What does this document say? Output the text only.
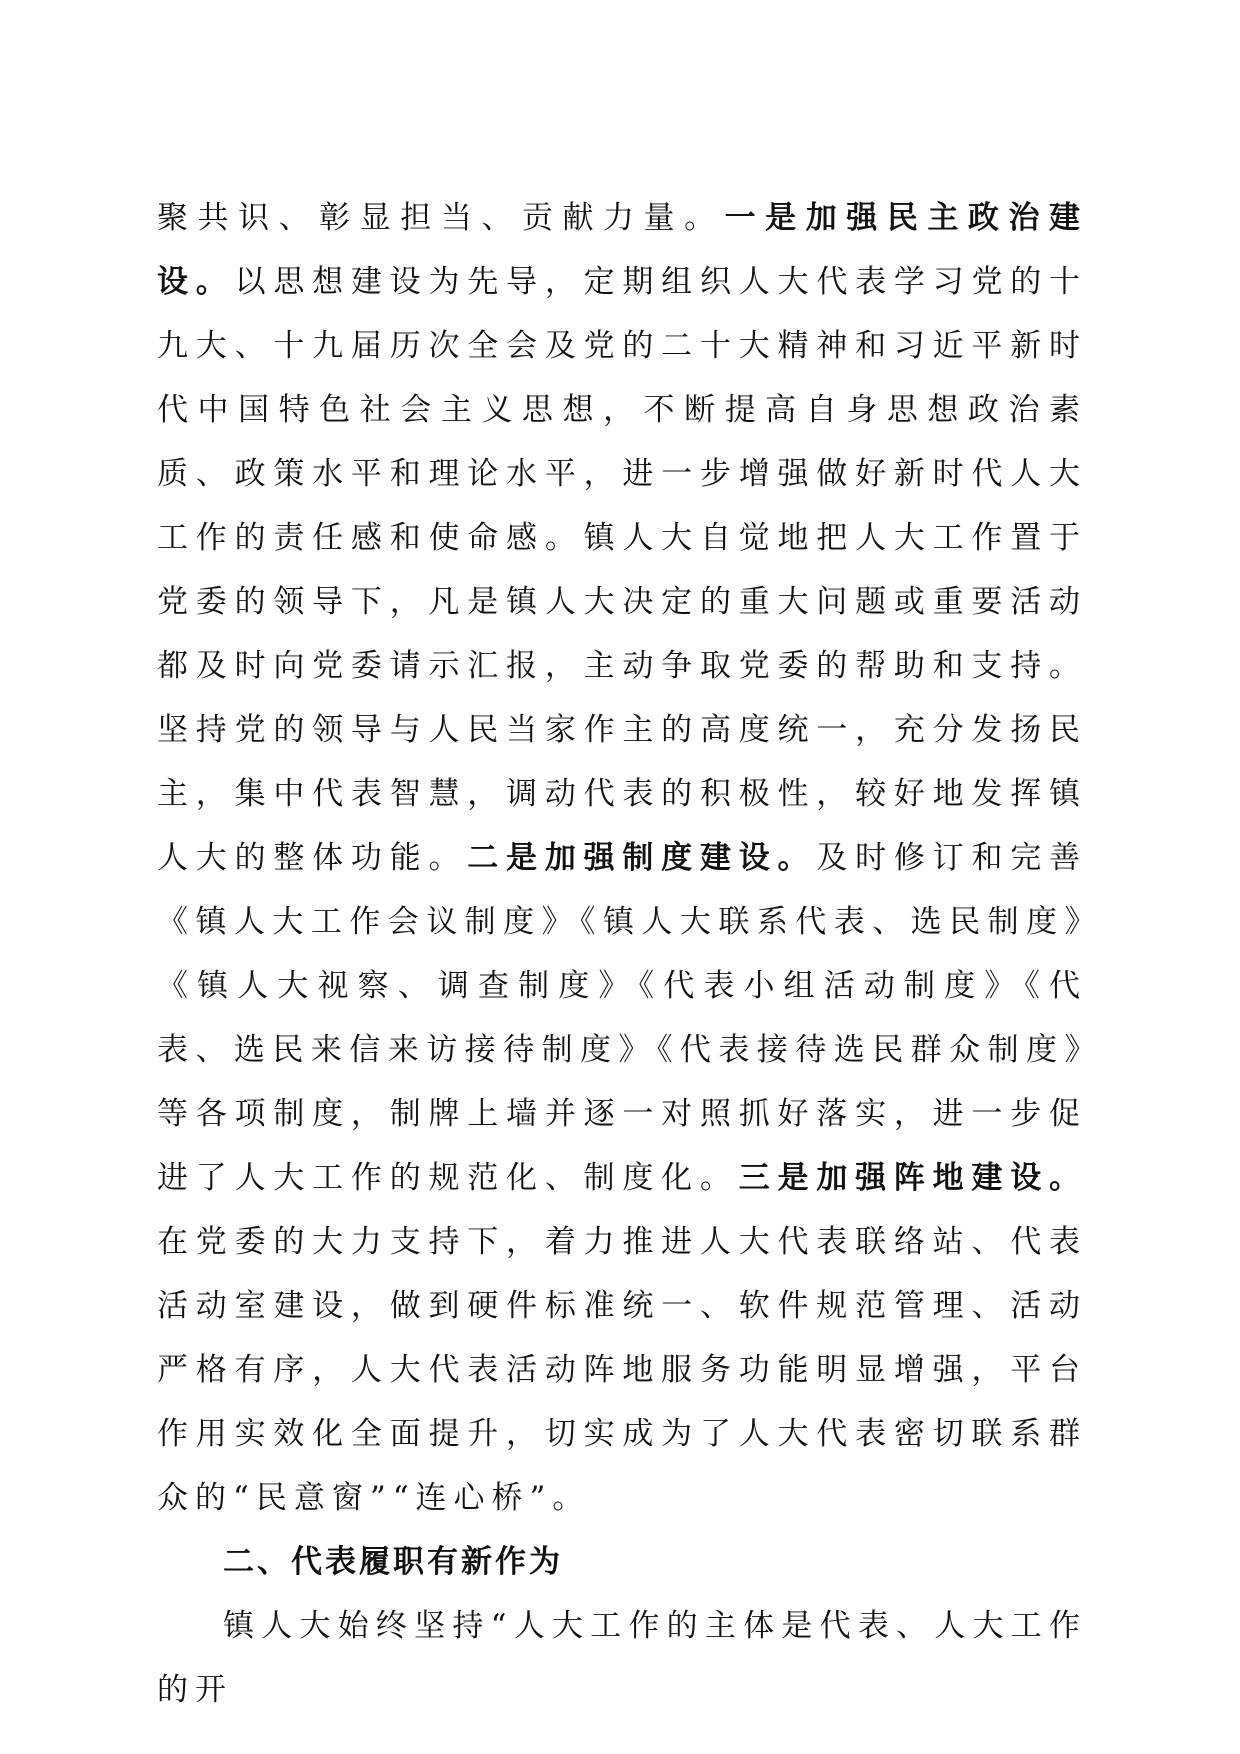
聚共识、彰显担当、贡献力量。一是加强民主政治建设。以思想建设为先导，定期组织人大代表学习党的十九大、十九届历次全会及党的二十大精神和习近平新时代中国特色社会主义思想，不断提高自身思想政治素质、政策水平和理论水平，进一步增强做好新时代人大工作的责任感和使命感。镇人大自觉地把人大工作置于党委的领导下，凡是镇人大决定的重大问题或重要活动都及时向党委请示汇报，主动争取党委的帮助和支持。坚持党的领导与人民当家作主的高度统一，充分发扬民主，集中代表智慧，调动代表的积极性，较好地发挥镇人大的整体功能。二是加强制度建设。及时修订和完善《镇人大工作会议制度》《镇人大联系代表、选民制度》《镇人大视察、调查制度》《代表小组活动制度》《代表、选民来信来访接待制度》《代表接待选民群众制度》等各项制度，制牌上墙并逐一对照抓好落实，进一步促进了人大工作的规范化、制度化。三是加强阵地建设。在党委的大力支持下，着力推进人大代表联络站、代表活动室建设，做到硬件标准统一、软件规范管理、活动严格有序，人大代表活动阵地服务功能明显增强，平台作用实效化全面提升，切实成为了人大代表密切联系群众的“民意窗”“连心桥”。

二、代表履职有新作为

镇人大始终坚持“人大工作的主体是代表、人大工作的开
